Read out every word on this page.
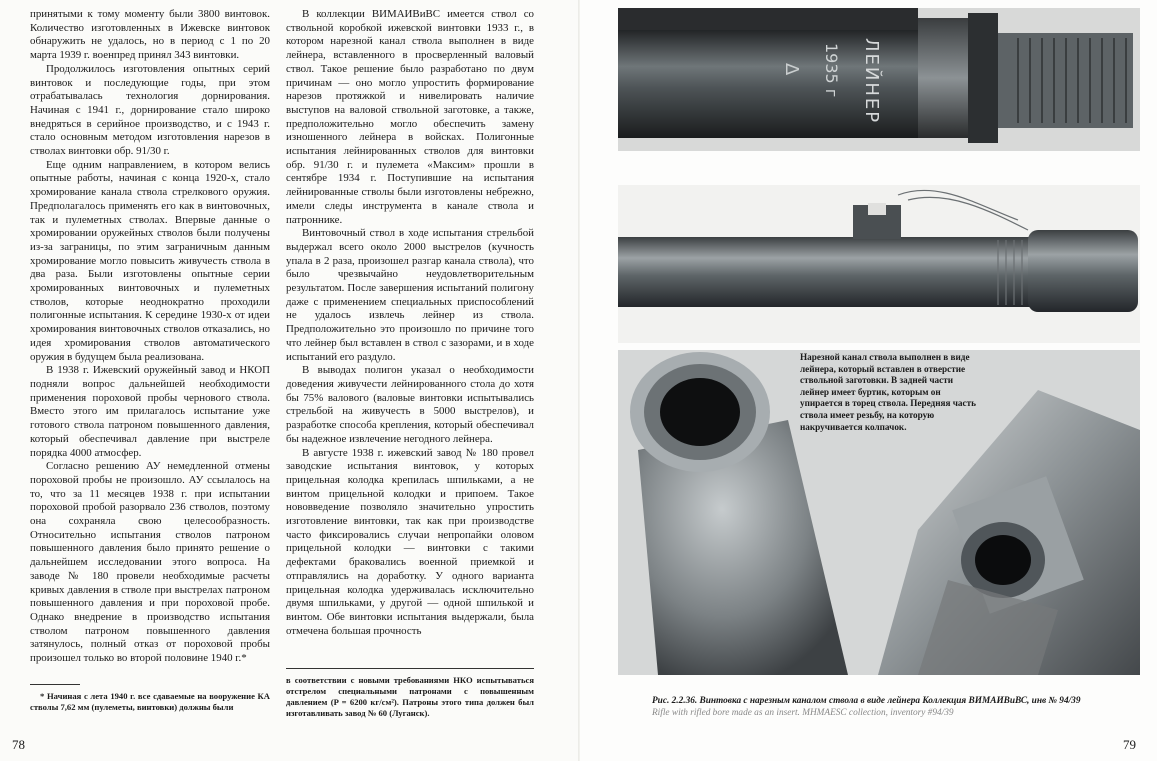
принятыми к тому моменту были 3800 винтовок. Количество изготовленных в Ижевске винтовок обнаружить не удалось, но в период с 1 по 20 марта 1939 г. военпред принял 343 винтовки.

Продолжилось изготовления опытных серий винтовок и последующие годы, при этом отрабатывалась технология дорнирования. Начиная с 1941 г., дорнирование стало широко внедряться в серийное производство, и с 1943 г. стало основным методом изготовления нарезов в стволах винтовки обр. 91/30 г.

Еще одним направлением, в котором велись опытные работы, начиная с конца 1920-х, стало хромирование канала ствола стрелкового оружия. Предполагалось применять его как в винтовочных, так и пулеметных стволах. Впервые данные о хромировании оружейных стволов были получены из-за заграницы, по этим заграничным данным хромирование могло повысить живучесть ствола в два раза. Были изготовлены опытные серии хромированных винтовочных и пулеметных стволов, которые неоднократно проходили полигонные испытания. К середине 1930-х от идеи хромирования винтовочных стволов отказались, но идея хромирования стволов автоматического оружия в будущем была реализована.

В 1938 г. Ижевский оружейный завод и НКОП подняли вопрос дальнейшей необходимости применения пороховой пробы чернового ствола. Вместо этого им прилагалось испытание уже готового ствола патроном повышенного давления, который обеспечивал давление при выстреле порядка 4000 атмосфер.

Согласно решению АУ немедленной отмены пороховой пробы не произошло. АУ ссылалось на то, что за 11 месяцев 1938 г. при испытании пороховой пробой разорвало 236 стволов, поэтому она сохраняла свою целесообразность. Относительно испытания стволов патроном повышенного давления было принято решение о дальнейшем исследовании этого вопроса. На заводе № 180 провели необходимые расчеты кривых давления в стволе при выстрелах патроном повышенного давления и при пороховой пробе. Однако внедрение в производство испытания стволом патроном повышенного давления затянулось, полный отказ от пороховой пробы произошел только во второй половине 1940 г.*

В коллекции ВИМАИВиВС имеется ствол со ствольной коробкой ижевской винтовки 1933 г., в котором нарезной канал ствола выполнен в виде лейнера, вставленного в просверленный валовый ствол. Такое решение было разработано по двум причинам — оно могло упростить формирование нарезов протяжкой и нивелировать наличие выступов на валовой ствольной заготовке, а также, предположительно могло обеспечить замену изношенного лейнера в войсках. Полигонные испытания лейнированных стволов для винтовки обр. 91/30 г. и пулемета «Максим» прошли в сентябре 1934 г. Поступившие на испытания лейнированные стволы были изготовлены небрежно, имели следы инструмента в канале ствола и патроннике.

Винтовочный ствол в ходе испытания стрельбой выдержал всего около 2000 выстрелов (кучность упала в 2 раза, произошел разгар канала ствола), что было чрезвычайно неудовлетворительным результатом. После завершения испытаний полигону даже с применением специальных приспособлений не удалось извлечь лейнер из ствола. Предположительно это произошло по причине того что лейнер был вставлен в ствол с зазорами, и в ходе испытаний его раздуло.

В выводах полигон указал о необходимости доведения живучести лейнированного стола до хотя бы 75% валового (валовые винтовки испытывались стрельбой на живучесть в 5000 выстрелов), и разработке способа крепления, который обеспечивал бы надежное извлечение негодного лейнера.

В августе 1938 г. ижевский завод № 180 провел заводские испытания винтовок, у которых прицельная колодка крепилась шпильками, а не винтом прицельной колодки и припоем. Такое нововведение позволяло значительно упростить изготовление винтовки, так как при производстве часто фиксировались случаи непропайки оловом прицельной колодки — винтовки с такими дефектами браковались военной приемкой и отправлялись на доработку. У одного варианта прицельная колодка удерживалась исключительно двумя шпильками, у другой — одной шпилькой и винтом. Обе винтовки испытания выдержали, была отмечена большая прочность

* Начиная с лета 1940 г. все сдаваемые на вооружение КА стволы 7,62 мм (пулеметы, винтовки) должны были
в соответствии с новыми требованиями НКО испытываться отстрелом специальными патронами с повышенным давлением (P = 6200 кг/см²). Патроны этого типа должен был изготавливать завод № 60 (Луганск).
78
1935 г ЛЕЙНЕР
Δ
Нарезной канал ствола выполнен в виде лейнера, который вставлен в отверстие ствольной заготовки. В задней части лейнер имеет буртик, которым он упирается в торец ствола. Передняя часть ствола имеет резьбу, на которую накручивается колпачок.
Рис. 2.2.36. Винтовка с нарезным каналом ствола в виде лейнера Коллекция ВИМАИВиВС, инв № 94/39
Rifle with rifled bore made as an insert. MHMAESC collection, inventory #94/39
79
